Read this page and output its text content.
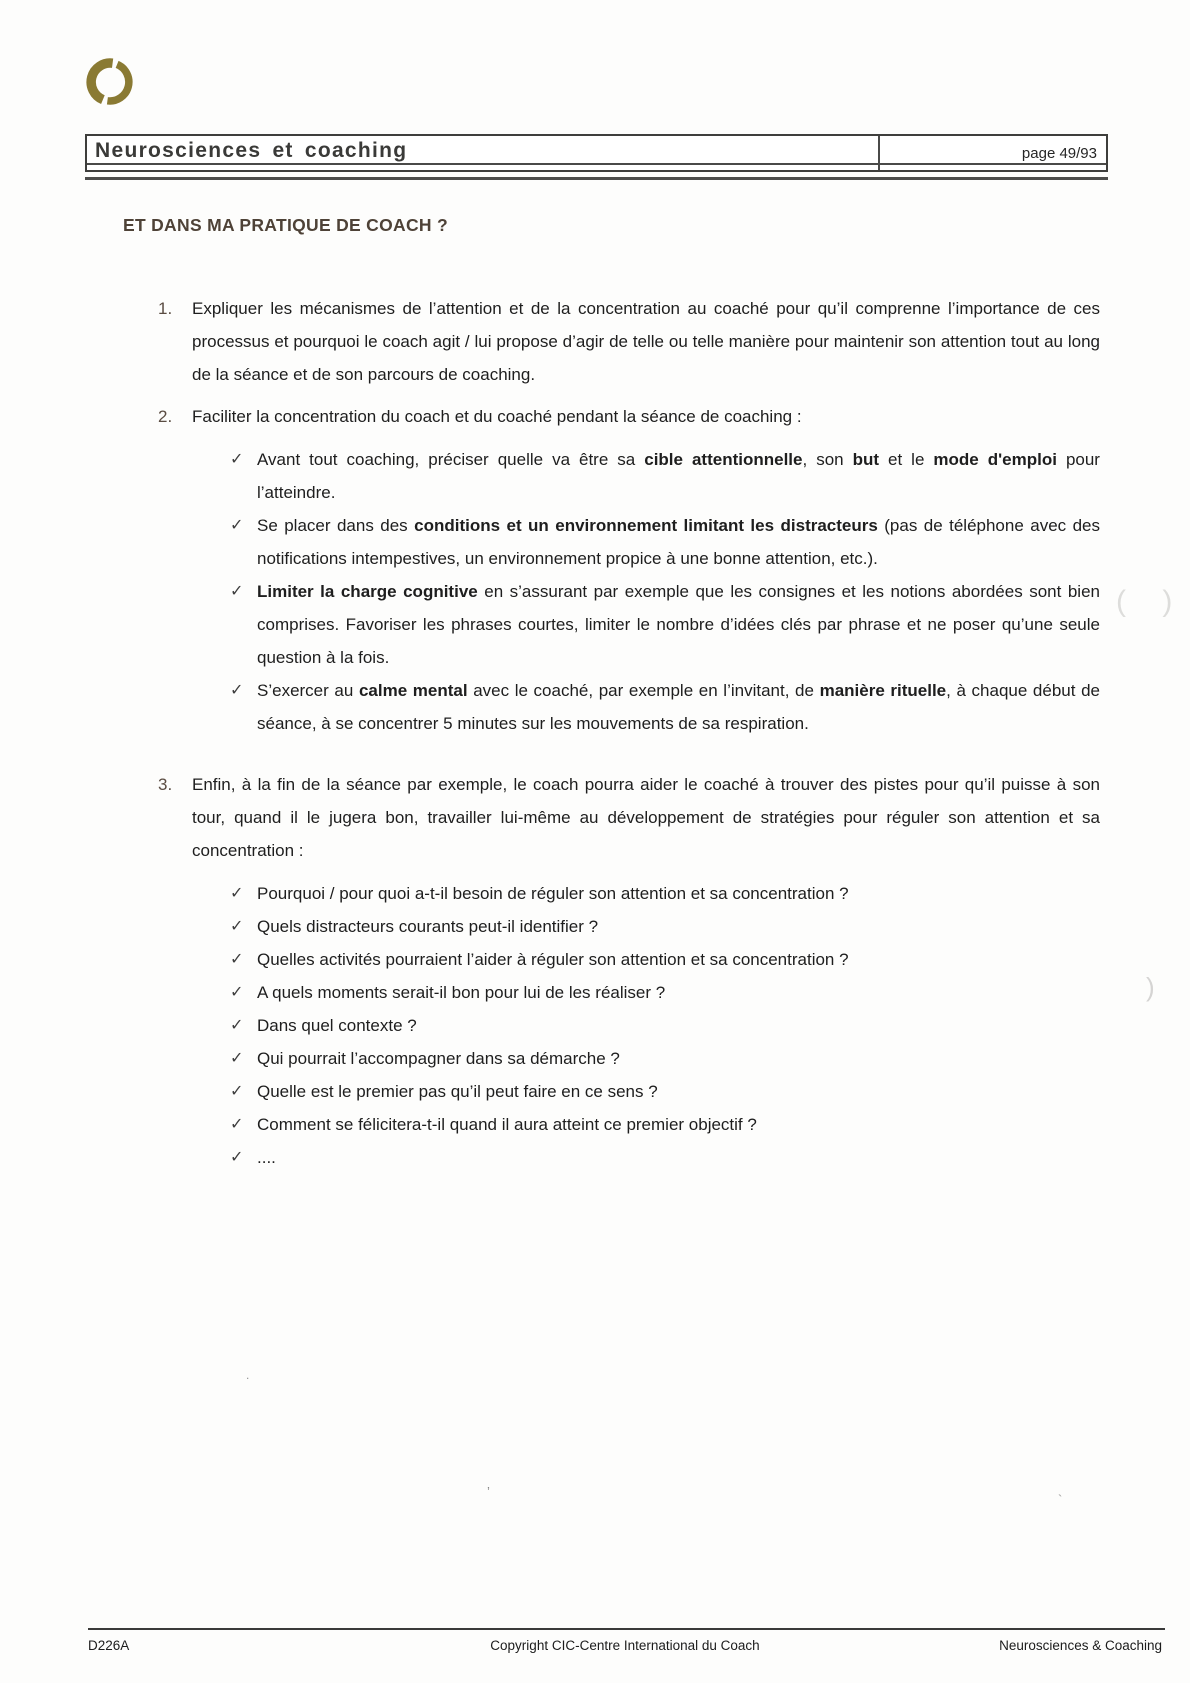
Neurosciences et coaching	page 49/93
ET DANS MA PRATIQUE DE COACH ?
1.	Expliquer les mécanismes de l’attention et de la concentration au coaché pour qu’il comprenne l’importance de ces processus et pourquoi le coach agit / lui propose d’agir de telle ou telle manière pour maintenir son attention tout au long de la séance et de son parcours de coaching.
2.	Faciliter la concentration du coach et du coaché pendant la séance de coaching :
✓ Avant tout coaching, préciser quelle va être sa cible attentionnelle, son but et le mode d'emploi pour l’atteindre.
✓ Se placer dans des conditions et un environnement limitant les distracteurs (pas de téléphone avec des notifications intempestives, un environnement propice à une bonne attention, etc.).
✓ Limiter la charge cognitive en s’assurant par exemple que les consignes et les notions abordées sont bien comprises. Favoriser les phrases courtes, limiter le nombre d’idées clés par phrase et ne poser qu’une seule question à la fois.
✓ S’exercer au calme mental avec le coaché, par exemple en l’invitant, de manière rituelle, à chaque début de séance, à se concentrer 5 minutes sur les mouvements de sa respiration.
3.	Enfin, à la fin de la séance par exemple, le coach pourra aider le coaché à trouver des pistes pour qu’il puisse à son tour, quand il le jugera bon, travailler lui-même au développement de stratégies pour réguler son attention et sa concentration :
✓ Pourquoi / pour quoi a-t-il besoin de réguler son attention et sa concentration ?
✓ Quels distracteurs courants peut-il identifier ?
✓ Quelles activités pourraient l’aider à réguler son attention et sa concentration ?
✓ A quels moments serait-il bon pour lui de les réaliser ?
✓ Dans quel contexte ?
✓ Qui pourrait l’accompagner dans sa démarche ?
✓ Quelle est le premier pas qu’il peut faire en ce sens ?
✓ Comment se félicitera-t-il quand il aura atteint ce premier objectif ?
✓ ....
( )
)
’
`
.
D226A	Copyright CIC-Centre International du Coach	Neurosciences & Coaching
